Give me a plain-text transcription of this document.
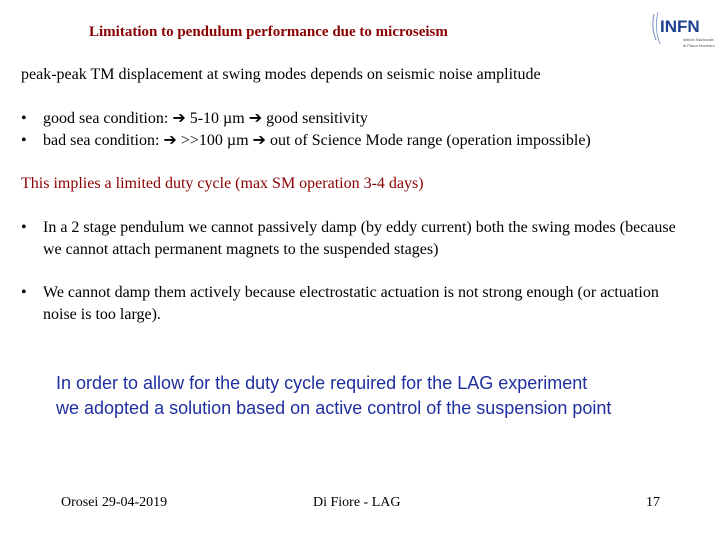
Limitation to pendulum performance due to microseism	INFN
Istituto Nazionale
di Fisica Nucleare
peak-peak TM displacement at swing modes depends on seismic noise amplitude
•	good sea condition:
➔
5-10 µm
➔
good sensitivity
•	bad sea condition:
➔
>>100 µm
➔
out of Science Mode range (operation impossible)
This implies a limited duty cycle (max SM operation 3-4 days)
•	In a 2 stage pendulum we cannot passively damp (by eddy current) both the swing modes (because we cannot attach permanent magnets to the suspended stages)
•	We cannot damp them actively because electrostatic actuation is not strong enough (or actuation noise is too large).
In order to allow for the duty cycle required for the LAG experiment
we adopted a solution based on active control of the suspension point
Orosei 29-04-2019	Di Fiore - LAG	17
